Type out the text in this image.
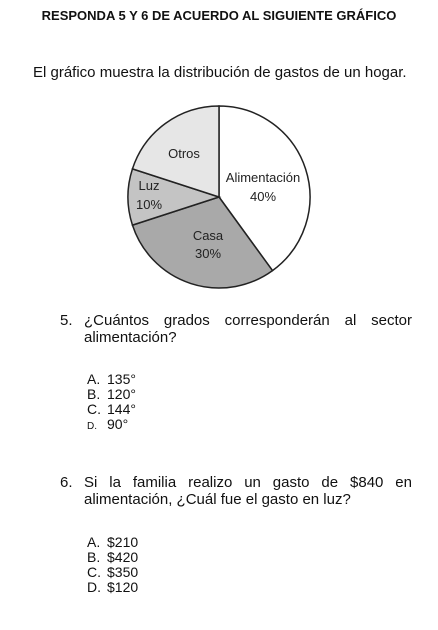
RESPONDA 5 Y 6 DE ACUERDO AL SIGUIENTE GRÁFICO
El gráfico muestra la distribución de gastos de un hogar.
Alimentación
40%
Casa
30%
Luz
10%
Otros
5. ¿Cuántos grados corresponderán al sector alimentación?
A. 135°
B. 120°
C. 144°
D. 90°
6. Si la familia realizo un gasto de $840 en alimentación, ¿Cuál fue el gasto en luz?
A. $210
B. $420
C. $350
D. $120
